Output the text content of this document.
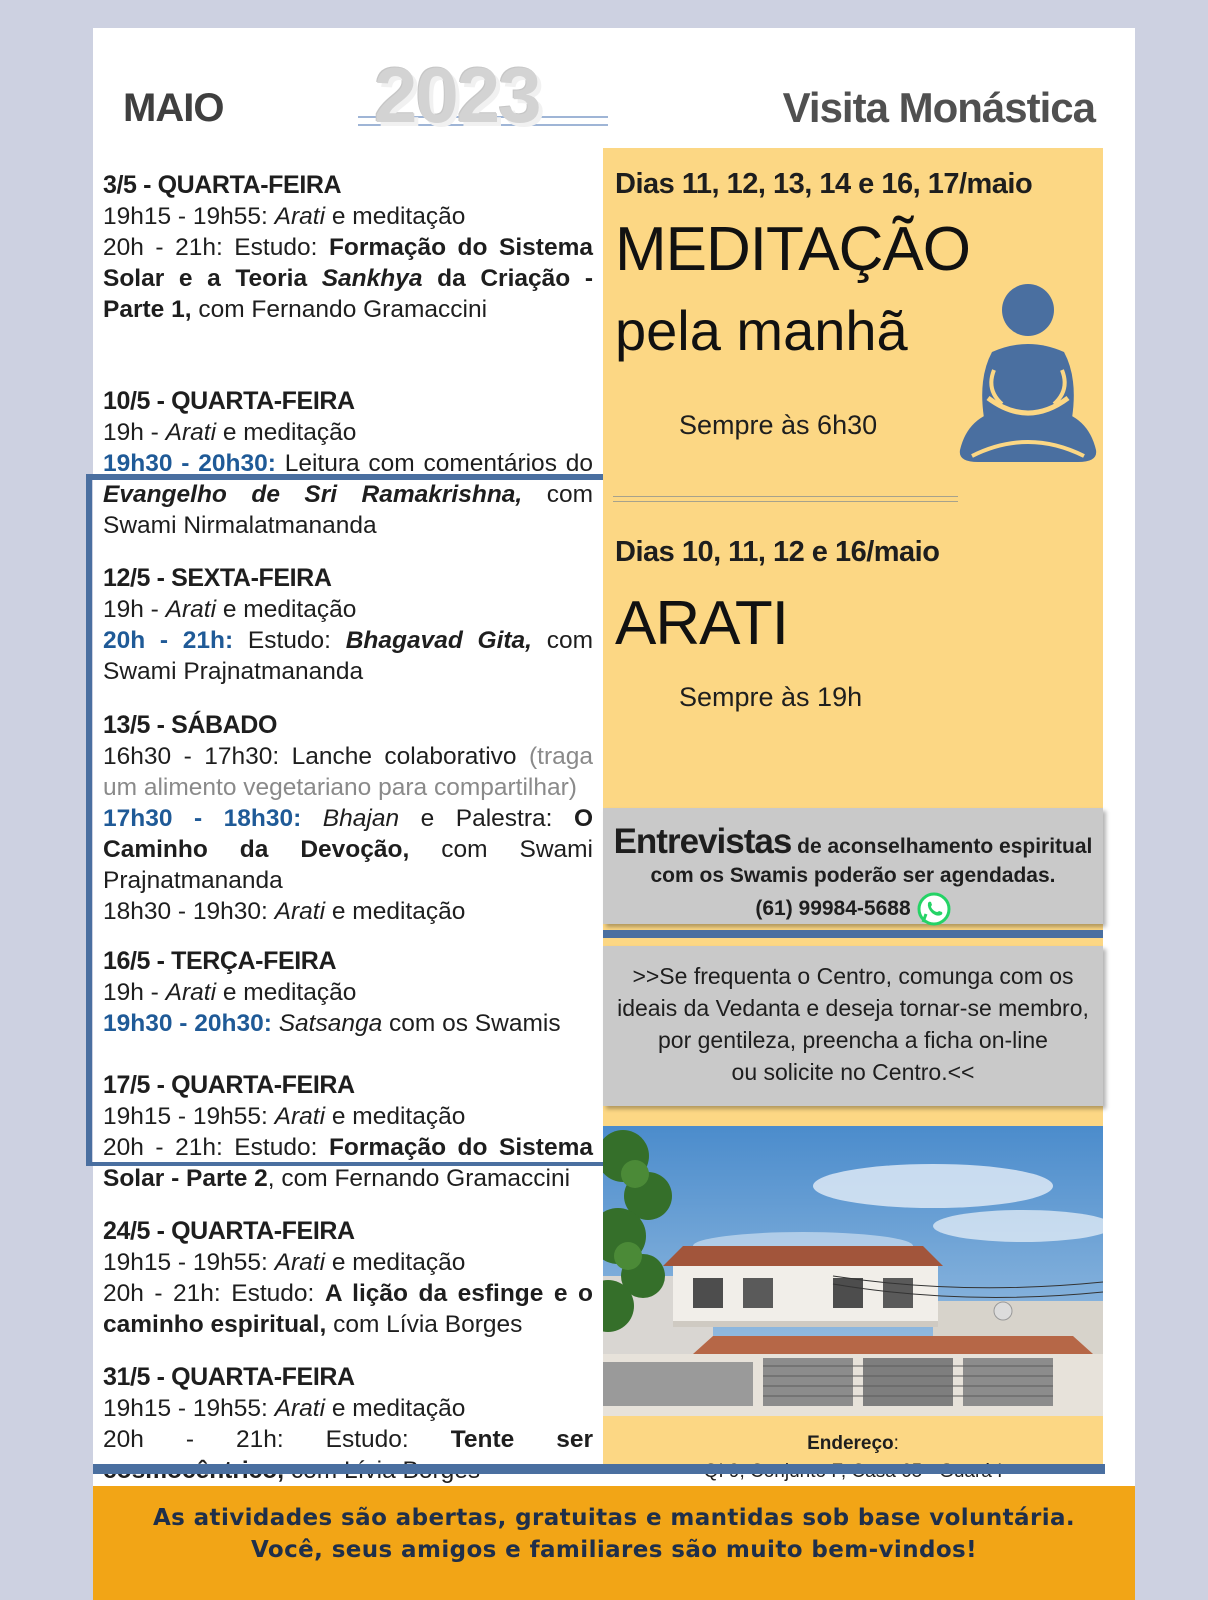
MAIO 2023	Visita Monástica
3/5 - QUARTA-FEIRA
19h15 - 19h55: Arati e meditação
20h - 21h: Estudo: Formação do Sistema Solar e a Teoria Sankhya da Criação - Parte 1, com Fernando Gramaccini
10/5 - QUARTA-FEIRA
19h - Arati e meditação
19h30 - 20h30: Leitura com comentários do Evangelho de Sri Ramakrishna, com Swami Nirmalatmananda
12/5 - SEXTA-FEIRA
19h - Arati e meditação
20h - 21h: Estudo: Bhagavad Gita, com Swami Prajnatmananda
13/5 - SÁBADO
16h30 - 17h30: Lanche colaborativo (traga um alimento vegetariano para compartilhar)
17h30 - 18h30: Bhajan e Palestra: O Caminho da Devoção, com Swami Prajnatmananda
18h30 - 19h30: Arati e meditação
16/5 - TERÇA-FEIRA
19h - Arati e meditação
19h30 - 20h30: Satsanga com os Swamis
17/5 - QUARTA-FEIRA
19h15 - 19h55: Arati e meditação
20h - 21h: Estudo: Formação do Sistema Solar - Parte 2, com Fernando Gramaccini
24/5 - QUARTA-FEIRA
19h15 - 19h55: Arati e meditação
20h - 21h: Estudo: A lição da esfinge e o caminho espiritual, com Lívia Borges
31/5 - QUARTA-FEIRA
19h15 - 19h55: Arati e meditação
20h - 21h: Estudo: Tente ser
Dias 11, 12, 13, 14 e 16, 17/maio
MEDITAÇÃO
pela manhã
Sempre às 6h30
Dias 10, 11, 12 e 16/maio
ARATI
Sempre às 19h
Entrevistas de aconselhamento espiritual
com os Swamis poderão ser agendadas.
(61) 99984-5688
>>Se frequenta o Centro, comunga com os
ideais da Vedanta e deseja tornar-se membro,
por gentileza, preencha a ficha on-line
ou solicite no Centro.<<
Endereço:
As atividades são abertas, gratuitas e mantidas sob base voluntária.
Você, seus amigos e familiares são muito bem-vindos!
